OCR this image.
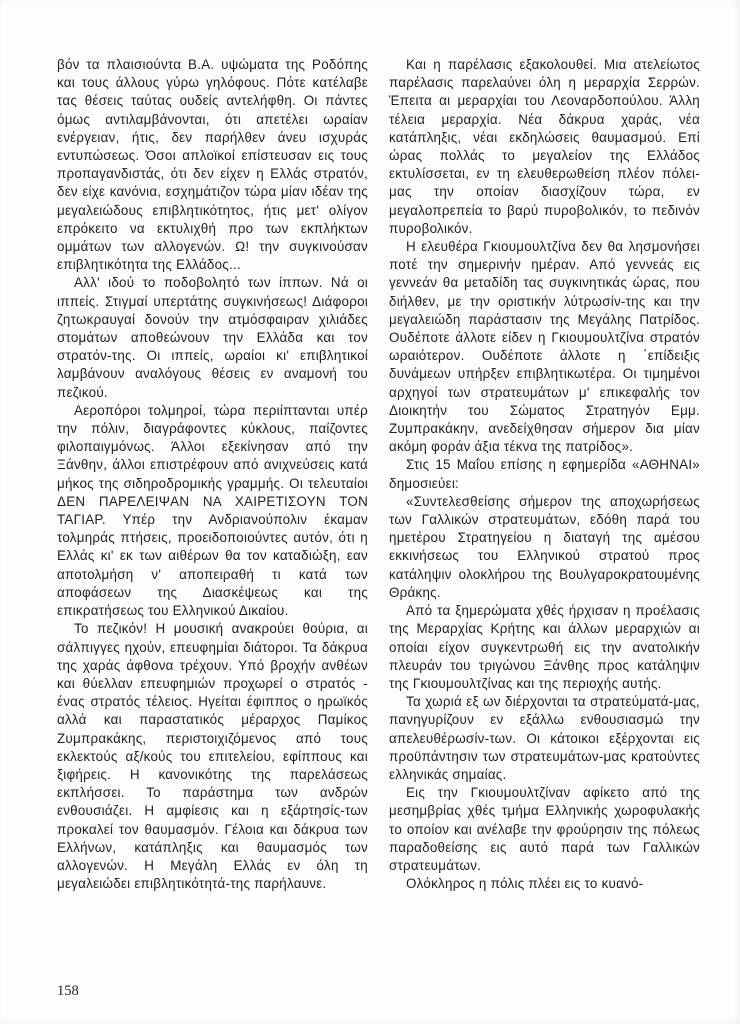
βόν τα πλαισιούντα Β.Α. υψώματα της Ροδόπης και τους άλλους γύρω γηλόφους. Πότε κατέλαβε τας θέσεις ταύτας ουδείς αντελήφθη. Οι πάντες όμως αντιλαμβάνονται, ότι απετέλει ωραίαν ενέργειαν, ήτις, δεν παρήλθεν άνευ ισχυράς εντυπώσεως. Όσοι απλοϊκοί επίστευσαν εις τους προπαγανδιστάς, ότι δεν είχεν η Ελλάς στρατόν, δεν είχε κανόνια, εσχημάτιζον τώρα μίαν ιδέαν της μεγαλειώδους επιβλητικότητος, ήτις μετ' ολίγον επρόκειτο να εκτυλιχθή προ των εκπλήκτων ομμάτων των αλλογενών. Ω! την συγκινούσαν επιβλητικότητα της Ελλάδος...

Αλλ' ιδού το ποδοβολητό των ίππων. Νά οι ιππείς. Στιγμαί υπερτάτης συγκινήσεως! Διάφοροι ζητωκραυγαί δονούν την ατμόσφαιραν χιλιάδες στομάτων αποθεώνουν την Ελλάδα και τον στρατόν-της. Οι ιππείς, ωραίοι κι' επιβλητικοί λαμβάνουν αναλόγους θέσεις εν αναμονή του πεζικού.

Αεροπόροι τολμηροί, τώρα περιίπτανται υπέρ την πόλιν, διαγράφοντες κύκλους, παίζοντες φιλοπαιγμόνως. Άλλοι εξεκίνησαν από την Ξάνθην, άλλοι επιστρέφουν από ανιχνεύσεις κατά μήκος της σιδηροδρομικής γραμμής. Οι τελευταίοι ΔΕΝ ΠΑΡΕΛΕΙΨΑΝ ΝΑ ΧΑΙΡΕΤΙΣΟΥΝ ΤΟΝ ΤΑΓΙΑΡ. Υπέρ την Ανδριανούπολιν έκαμαν τολμηράς πτήσεις, προειδοποιούντες αυτόν, ότι η Ελλάς κι' εκ των αιθέρων θα τον καταδιώξη, εαν αποτολμήση ν' αποπειραθή τι κατά των αποφάσεων της Διασκέψεως και της επικρατήσεως του Ελληνικού Δικαίου.

Το πεζικόν! Η μουσική ανακρούει θούρια, αι σάλπιγγες ηχούν, επευφημίαι διάτοροι. Τα δάκρυα της χαράς άφθονα τρέχουν. Υπό βροχήν ανθέων και θύελλαν επευφημιών προχωρεί ο στρατός - ένας στρατός τέλειος. Ηγείται έφιππος ο ηρωϊκός αλλά και παραστατικός μέραρχος Παμίκος Ζυμπρακάκης, περιστοιχιζόμενος από τους εκλεκτούς αξ/κούς του επιτελείου, εφίππους και ξιφήρεις. Η κανονικότης της παρελάσεως εκπλήσσει. Το παράστημα των ανδρών ενθουσιάζει. Η αμφίεσις και η εξάρτησίς-των προκαλεί τον θαυμασμόν. Γέλοια και δάκρυα των Ελλήνων, κατάπληξις και θαυμασμός των αλλογενών. Η Μεγάλη Ελλάς εν όλη τη μεγαλειώδει επιβλητικότητά-της παρήλαυνε.

Και η παρέλασις εξακολουθεί. Μια ατελείωτος παρέλασις παρελαύνει όλη η μεραρχία Σερρών. Έπειτα αι μεραρχίαι του Λεοναρδοπούλου. Άλλη τέλεια μεραρχία. Νέα δάκρυα χαράς, νέα κατάπληξις, νέαι εκδηλώσεις θαυμασμού. Επί ώρας πολλάς το μεγαλείον της Ελλάδος εκτυλίσσεται, εν τη ελευθερωθείση πλέον πόλει-μας την οποίαν διασχίζουν τώρα, εν μεγαλοπρεπεία το βαρύ πυροβολικόν, το πεδινόν πυροβολικόν.

Η ελευθέρα Γκιουμουλτζίνα δεν θα λησμονήσει ποτέ την σημερινήν ημέραν. Από γεννεάς εις γεννεάν θα μεταδίδη τας συγκινητικάς ώρας, που διήλθεν, με την οριστικήν λύτρωσίν-της και την μεγαλειώδη παράστασιν της Μεγάλης Πατρίδος. Ουδέποτε άλλοτε είδεν η Γκιουμουλτζίνα στρατόν ωραιότερον. Ουδέποτε άλλοτε η ΄επίδειξις δυνάμεων υπήρξεν επιβλητικωτέρα. Οι τιμημένοι αρχηγοί των στρατευμάτων μ' επικεφαλής τον Διοικητήν του Σώματος Στρατηγόν Εμμ. Ζυμπρακάκην, ανεδείχθησαν σήμερον δια μίαν ακόμη φοράν άξια τέκνα της πατρίδος».

Στις 15 Μαΐου επίσης η εφημερίδα «ΑΘΗΝΑΙ» δημοσιεύει:

«Συντελεσθείσης σήμερον της αποχωρήσεως των Γαλλικών στρατευμάτων, εδόθη παρά του ημετέρου Στρατηγείου η διαταγή της αμέσου εκκινήσεως του Ελληνικού στρατού προς κατάληψιν ολοκλήρου της Βουλγαροκρατουμένης Θράκης.

Από τα ξημερώματα χθές ήρχισαν η προέλασις της Μεραρχίας Κρήτης και άλλων μεραρχιών αι οποίαι είχον συγκεντρωθή εις την ανατολικήν πλευράν του τριγώνου Ξάνθης προς κατάληψιν της Γκιουμουλτζίνας και της περιοχής αυτής.

Τα χωριά εξ ων διέρχονται τα στρατεύματά-μας, πανηγυρίζουν εν εξάλλω ενθουσιασμώ την απελευθέρωσίν-των. Οι κάτοικοι εξέρχονται εις προϋπάντησιν των στρατευμάτων-μας κρατούντες ελληνικάς σημαίας.

Εις την Γκιουμουλτζίναν αφίκετο από της μεσημβρίας χθές τμήμα Ελληνικής χωροφυλακής το οποίον και ανέλαβε την φρούρησιν της πόλεως παραδοθείσης εις αυτό παρά των Γαλλικών στρατευμάτων.

Ολόκληρος η πόλις πλέει εις το κυανό-

158
